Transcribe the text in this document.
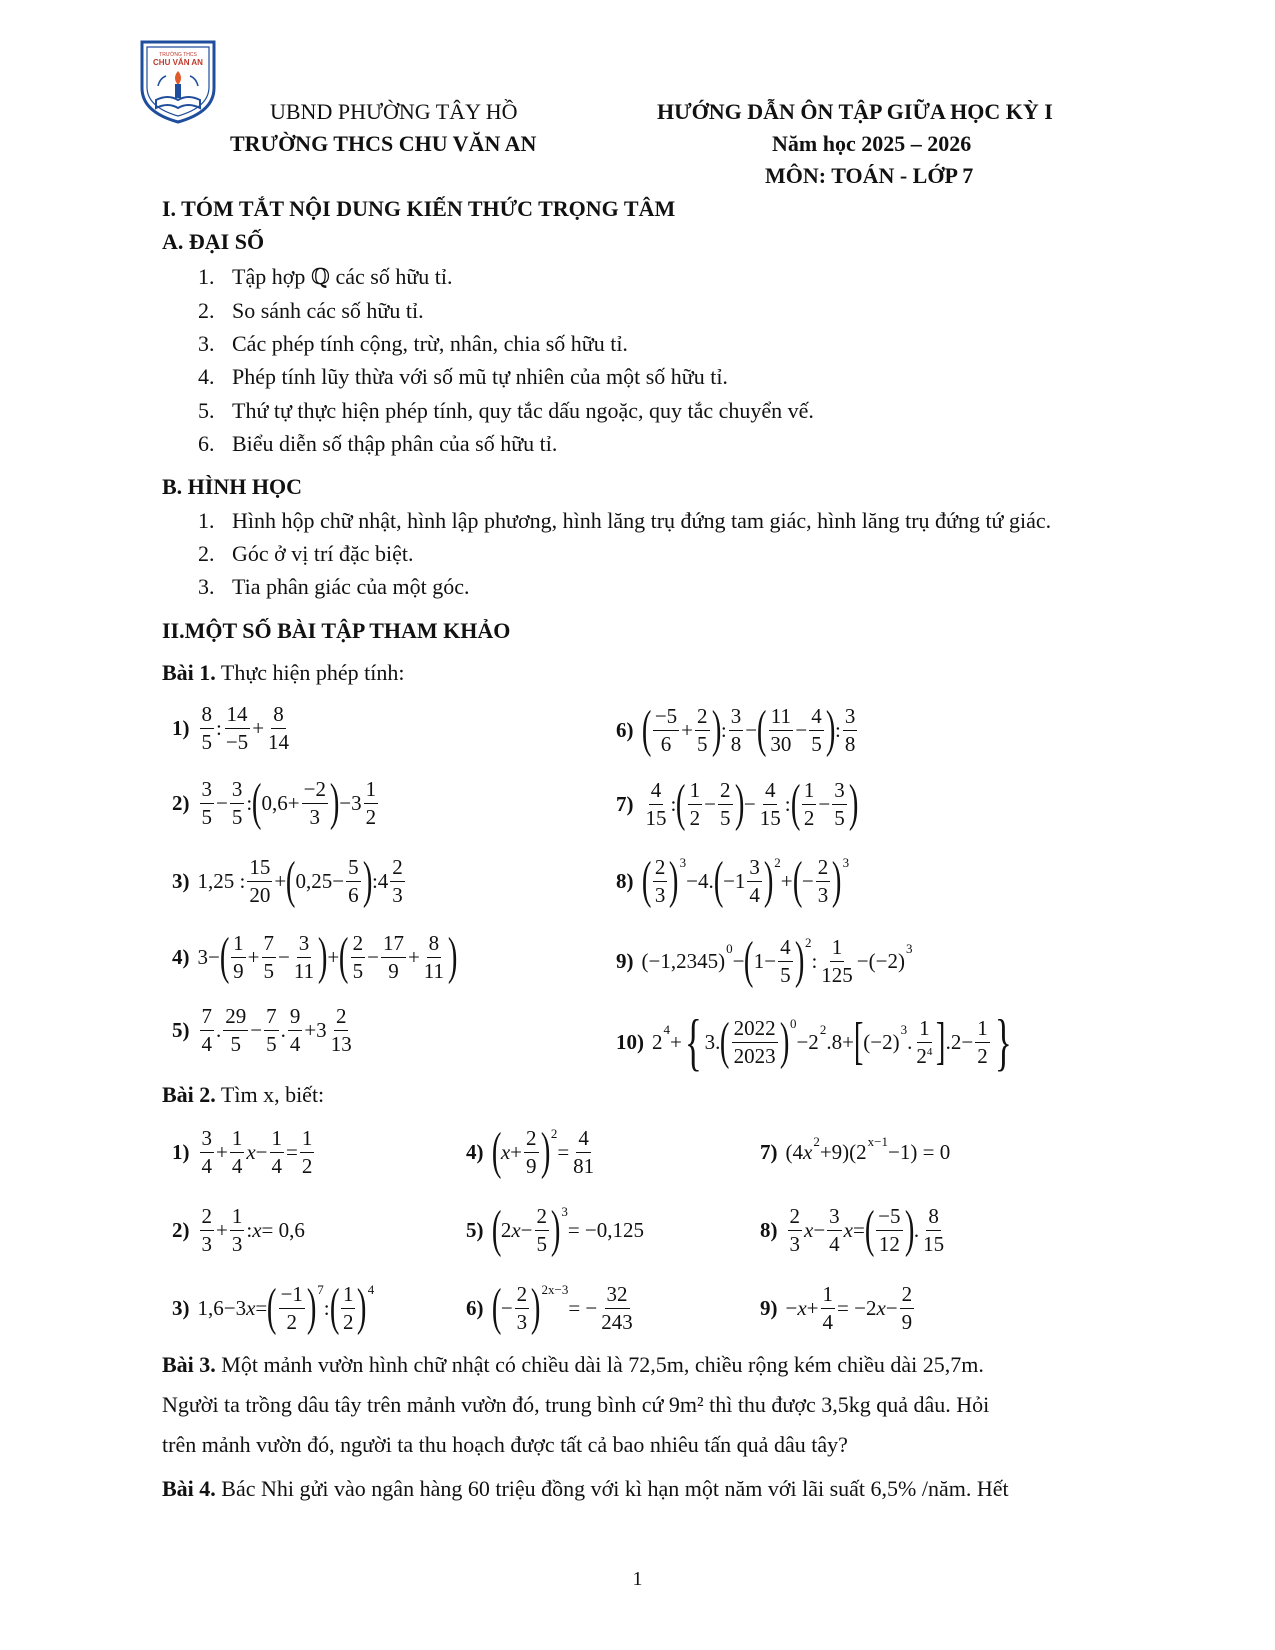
TRƯỜNG THCS
CHU VĂN AN
UBND PHƯỜNG TÂY HỒ
TRƯỜNG THCS CHU VĂN AN
HƯỚNG DẪN ÔN TẬP GIỮA HỌC KỲ I
Năm học 2025 – 2026
MÔN: TOÁN - LỚP 7
I. TÓM TẮT NỘI DUNG KIẾN THỨC TRỌNG TÂM
A. ĐẠI SỐ
1. Tập hợp ℚ các số hữu tỉ.
2. So sánh các số hữu tỉ.
3. Các phép tính cộng, trừ, nhân, chia số hữu tỉ.
4. Phép tính lũy thừa với số mũ tự nhiên của một số hữu tỉ.
5. Thứ tự thực hiện phép tính, quy tắc dấu ngoặc, quy tắc chuyển vế.
6. Biểu diễn số thập phân của số hữu tỉ.
B. HÌNH HỌC
1. Hình hộp chữ nhật, hình lập phương, hình lăng trụ đứng tam giác, hình lăng trụ đứng tứ giác.
2. Góc ở vị trí đặc biệt.
3. Tia phân giác của một góc.
II.MỘT SỐ BÀI TẬP THAM KHẢO
Bài 1. Thực hiện phép tính:
$1) \frac{8}{5}$ : $\frac{14}{-5} + \frac{8}{14}$
$2) \frac{3}{5} - \frac{3}{5}$ : ( $0,6+ \frac{-2}{3}$ ) $-3 \frac{1}{2}$
3) 1,25 : $\frac{15}{20}$ + ( $0,25- \frac{5}{6}$ ) :4 $\frac{2}{3}$
4) 3− ( $\frac{1}{9} + \frac{7}{5} - \frac{3}{11}$ ) + ( $\frac{2}{5} - \frac{17}{9} + \frac{8}{11}$ )
$5) \frac{7}{4}$ . $\frac{29}{5} - \frac{7}{5}$ . $\frac{9}{4} +3 \frac{2}{13}$
6) ( $\frac{-5}{6} + \frac{2}{5}$ ) : $\frac{3}{8}$ − ( $\frac{11}{30} - \frac{4}{5}$ ) : $\frac{3}{8}$
$7) \frac{4}{15}$ : ( $\frac{1}{2} - \frac{2}{5}$ ) − $\frac{4}{15}$ : ( $\frac{1}{2} - \frac{3}{5}$ )
8) ( $\frac{2}{3} )^3$
−4. ( $-1 \frac{3}{4} )^2$
+ ( − $\frac{2}{3} )^3$
9) $(-1,2345)^0$ − ( $1- \frac{4}{5} )^2$
: $\frac{1}{125} -(-2)^3$
10) $2^4$ + { 3. ( $\frac{2022}{2023} )^0$
$-2^2$ .8+ [ $(-2)^3$ . $\frac{1}{2^4}$ ] $.2- \frac{1}{2}$ }
Bài 2. Tìm x, biết:
$1) \frac{3}{4} + \frac{1}{4}$ $x - \frac{1}{4} = \frac{1}{2}$
$2) \frac{2}{3} + \frac{1}{3}$ : x = 0,6
3) 1,6−3 x = ( $\frac{-1}{2} )^7$
: ( $\frac{1}{2} )^4$
4) ( $x + \frac{2}{9} )^2$
= $\frac{4}{81}$
5) ( 2 $x - \frac{2}{5} )^3$
= −0,125
6) ( − $\frac{2}{3} )^{2x-3}$
= − $\frac{32}{243}$
7) (4 $x^2 +9)(2^{x-1} -1) = 0$
$8) \frac{2}{3}$ $x - \frac{3}{4}$ x = ( $\frac{-5}{12}$ ) . $\frac{8}{15}$
$9) - x + \frac{1}{4} = -2$ $x - \frac{2}{9}$
Bài 3. Một mảnh vườn hình chữ nhật có chiều dài là 72,5m, chiều rộng kém chiều dài 25,7m.
Người ta trồng dâu tây trên mảnh vườn đó, trung bình cứ 9m² thì thu được 3,5kg quả dâu. Hỏi
trên mảnh vườn đó, người ta thu hoạch được tất cả bao nhiêu tấn quả dâu tây?
Bài 4. Bác Nhi gửi vào ngân hàng 60 triệu đồng với kì hạn một năm với lãi suất 6,5% /năm. Hết
1
